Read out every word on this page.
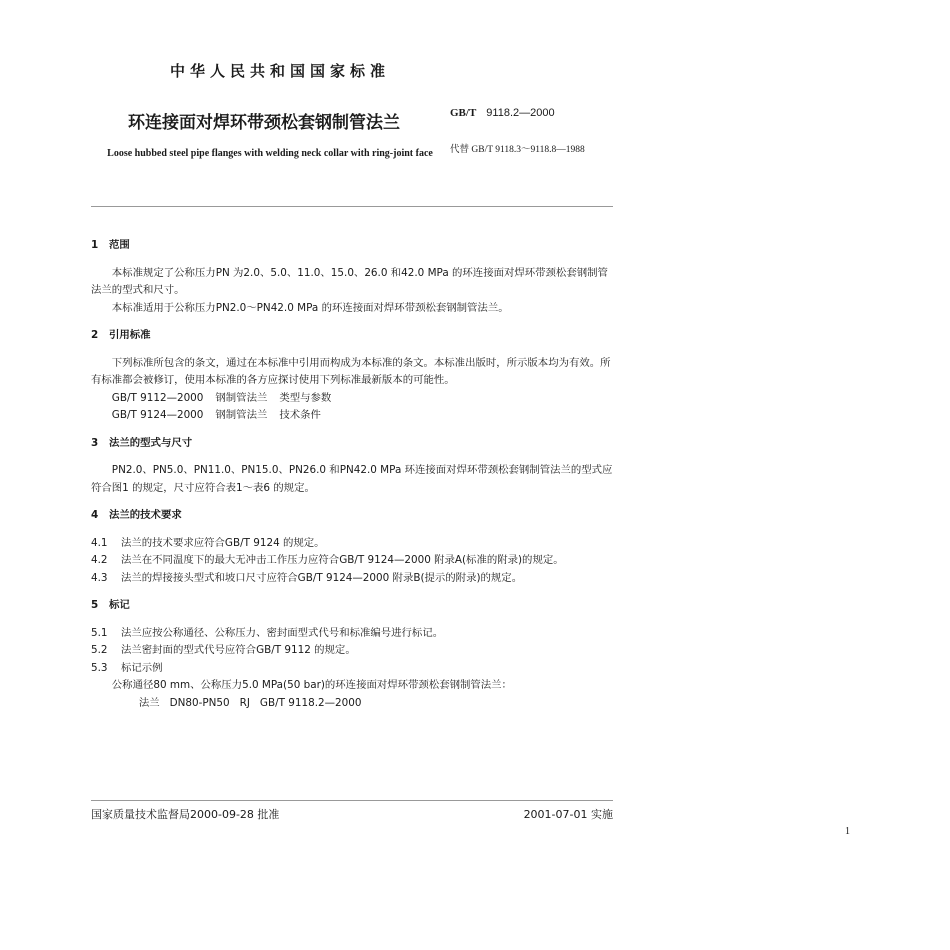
中华人民共和国国家标准
环连接面对焊环带颈松套钢制管法兰	GB/T 9118.2—2000
代替 GB/T 9118.3～9118.8—1988
Loose hubbed steel pipe flanges with welding neck collar with ring-joint face

1 范围

本标准规定了公称压力PN 为2.0、5.0、11.0、15.0、26.0 和42.0 MPa 的环连接面对焊环带颈松套钢制管法兰的型式和尺寸。

本标准适用于公称压力PN2.0～PN42.0 MPa 的环连接面对焊环带颈松套钢制管法兰。

2 引用标准

下列标准所包含的条文，通过在本标准中引用而构成为本标准的条文。本标准出版时，所示版本均为有效。所有标准都会被修订，使用本标准的各方应探讨使用下列标准最新版本的可能性。

GB/T 9112—2000 钢制管法兰 类型与参数

GB/T 9124—2000 钢制管法兰 技术条件

3 法兰的型式与尺寸

PN2.0、PN5.0、PN11.0、PN15.0、PN26.0 和PN42.0 MPa 环连接面对焊环带颈松套钢制管法兰的型式应符合图1 的规定，尺寸应符合表1～表6 的规定。

4 法兰的技术要求

4.1 法兰的技术要求应符合GB/T 9124 的规定。

4.2 法兰在不同温度下的最大无冲击工作压力应符合GB/T 9124—2000 附录A(标准的附录)的规定。

4.3 法兰的焊接接头型式和坡口尺寸应符合GB/T 9124—2000 附录B(提示的附录)的规定。

5 标记

5.1 法兰应按公称通径、公称压力、密封面型式代号和标准编号进行标记。

5.2 法兰密封面的型式代号应符合GB/T 9112 的规定。

5.3 标记示例

公称通径80 mm、公称压力5.0 MPa(50 bar)的环连接面对焊环带颈松套钢制管法兰：

法兰 DN80-PN50 RJ GB/T 9118.2—2000

国家质量技术监督局2000-09-28 批准	2001-07-01 实施
1
